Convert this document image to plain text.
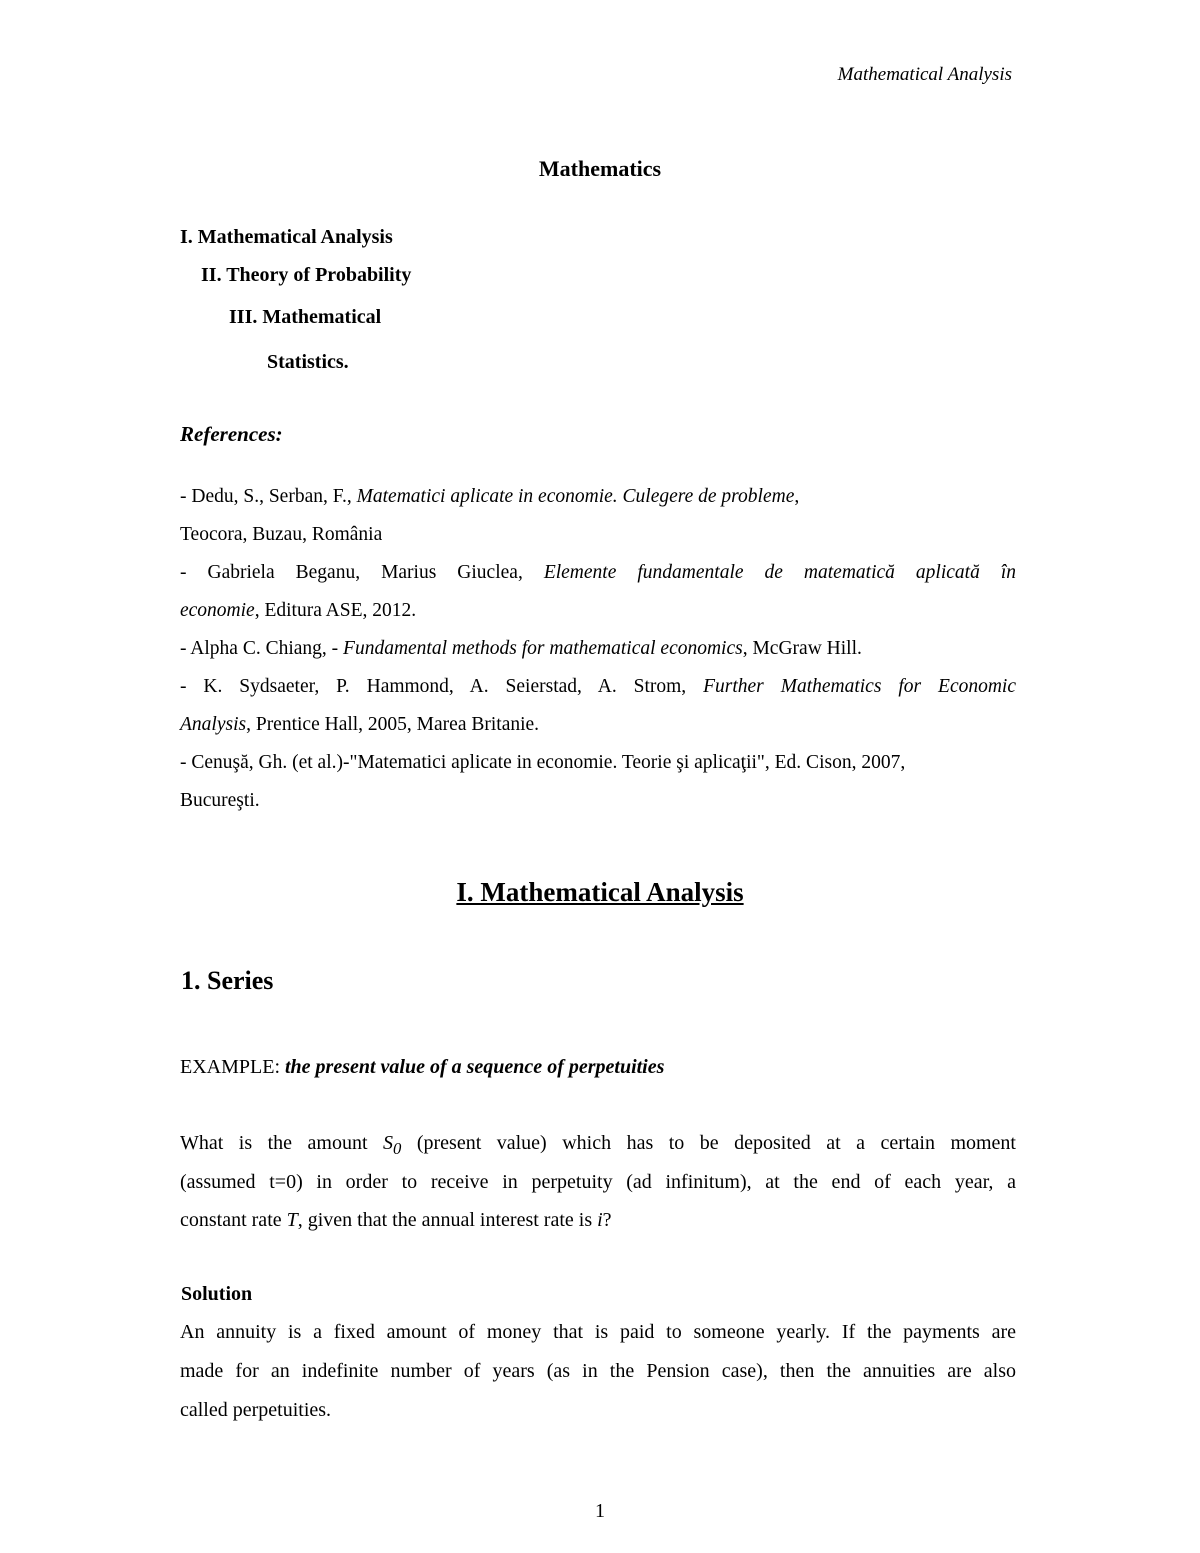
Mathematical Analysis

Mathematics

I. Mathematical Analysis

II. Theory of Probability

III. Mathematical

Statistics.

References:

- Dedu, S., Serban, F., Matematici aplicate in economie. Culegere de probleme,

Teocora, Buzau, România

- Gabriela Beganu, Marius Giuclea, Elemente fundamentale de matematică aplicată în

economie, Editura ASE, 2012.

- Alpha C. Chiang, - Fundamental methods for mathematical economics, McGraw Hill.

- K. Sydsaeter, P. Hammond, A. Seierstad, A. Strom, Further Mathematics for Economic

Analysis, Prentice Hall, 2005, Marea Britanie.

- Cenuşă, Gh. (et al.)-"Matematici aplicate in economie. Teorie şi aplicaţii", Ed. Cison, 2007,

Bucureşti.

I. Mathematical Analysis

1. Series

EXAMPLE: the present value of a sequence of perpetuities

What is the amount $S_0$ (present value) which has to be deposited at a certain moment

(assumed t=0) in order to receive in perpetuity (ad infinitum), at the end of each year, a

constant rate T, given that the annual interest rate is i?

Solution

An annuity is a fixed amount of money that is paid to someone yearly. If the payments are

made for an indefinite number of years (as in the Pension case), then the annuities are also

called perpetuities.

1
